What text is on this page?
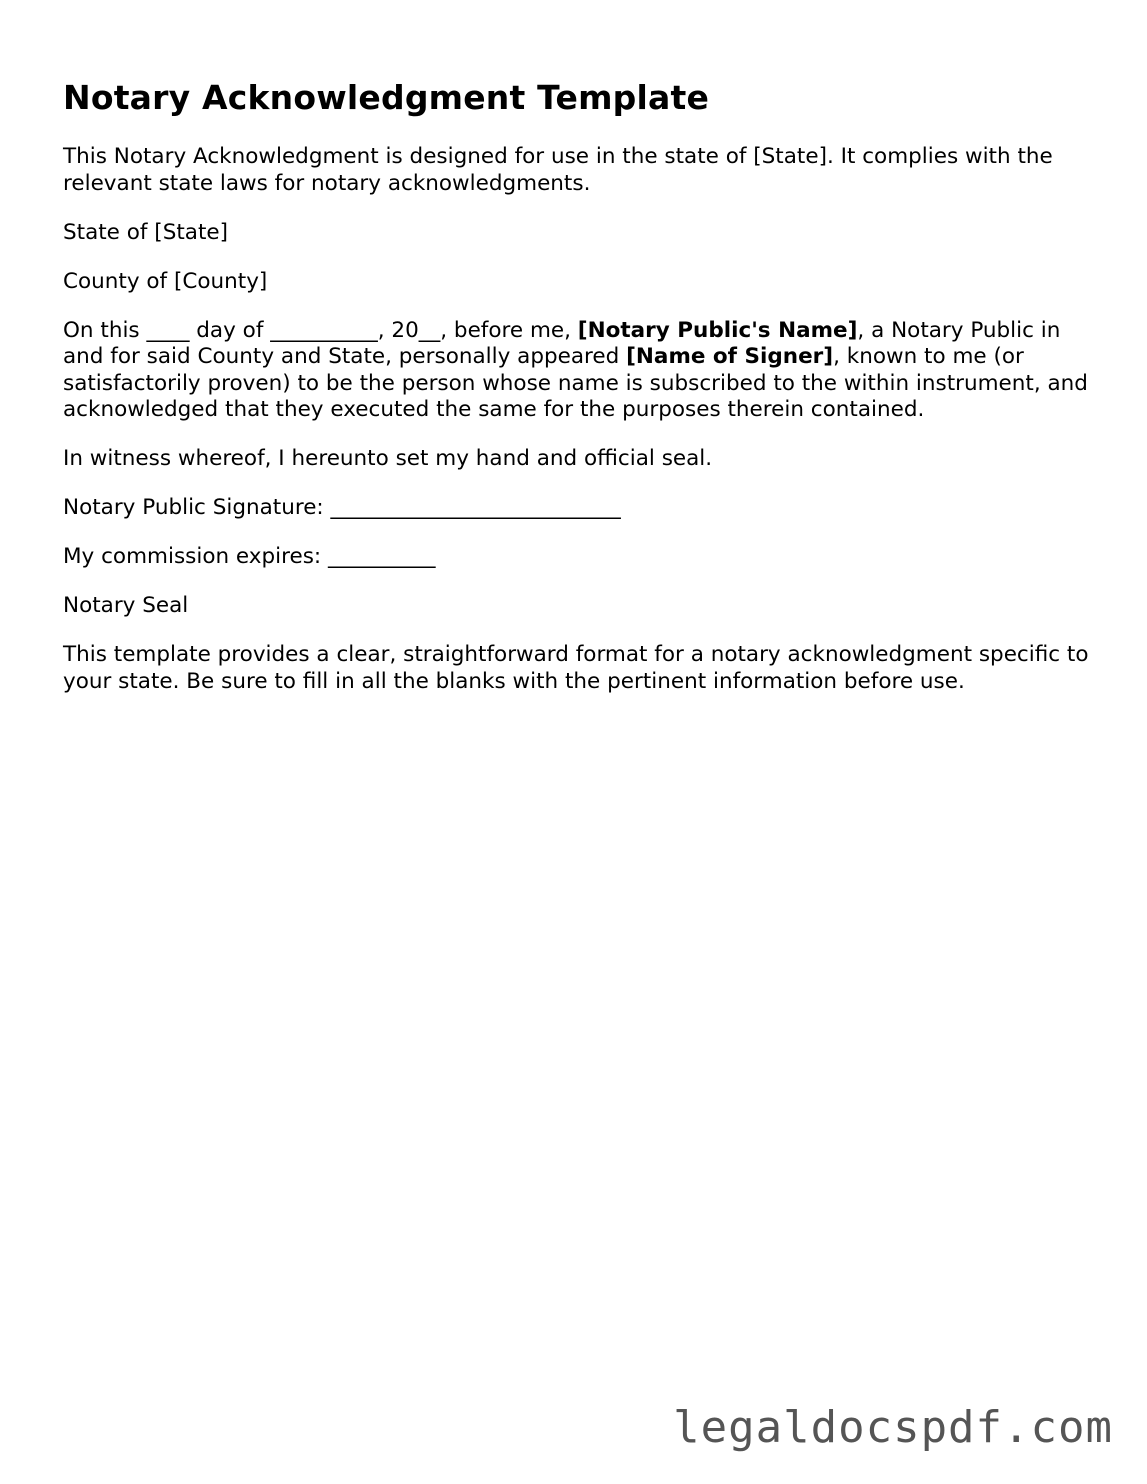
Notary Acknowledgment Template

This Notary Acknowledgment is designed for use in the state of [State]. It complies with the relevant state laws for notary acknowledgments.

State of [State]

County of [County]

On this ____ day of __________, 20__, before me, [Notary Public's Name], a Notary Public in and for said County and State, personally appeared [Name of Signer], known to me (or satisfactorily proven) to be the person whose name is subscribed to the within instrument, and acknowledged that they executed the same for the purposes therein contained.

In witness whereof, I hereunto set my hand and official seal.

Notary Public Signature: ___________________________

My commission expires: __________

Notary Seal

This template provides a clear, straightforward format for a notary acknowledgment specific to your state. Be sure to fill in all the blanks with the pertinent information before use.

legaldocspdf.com
